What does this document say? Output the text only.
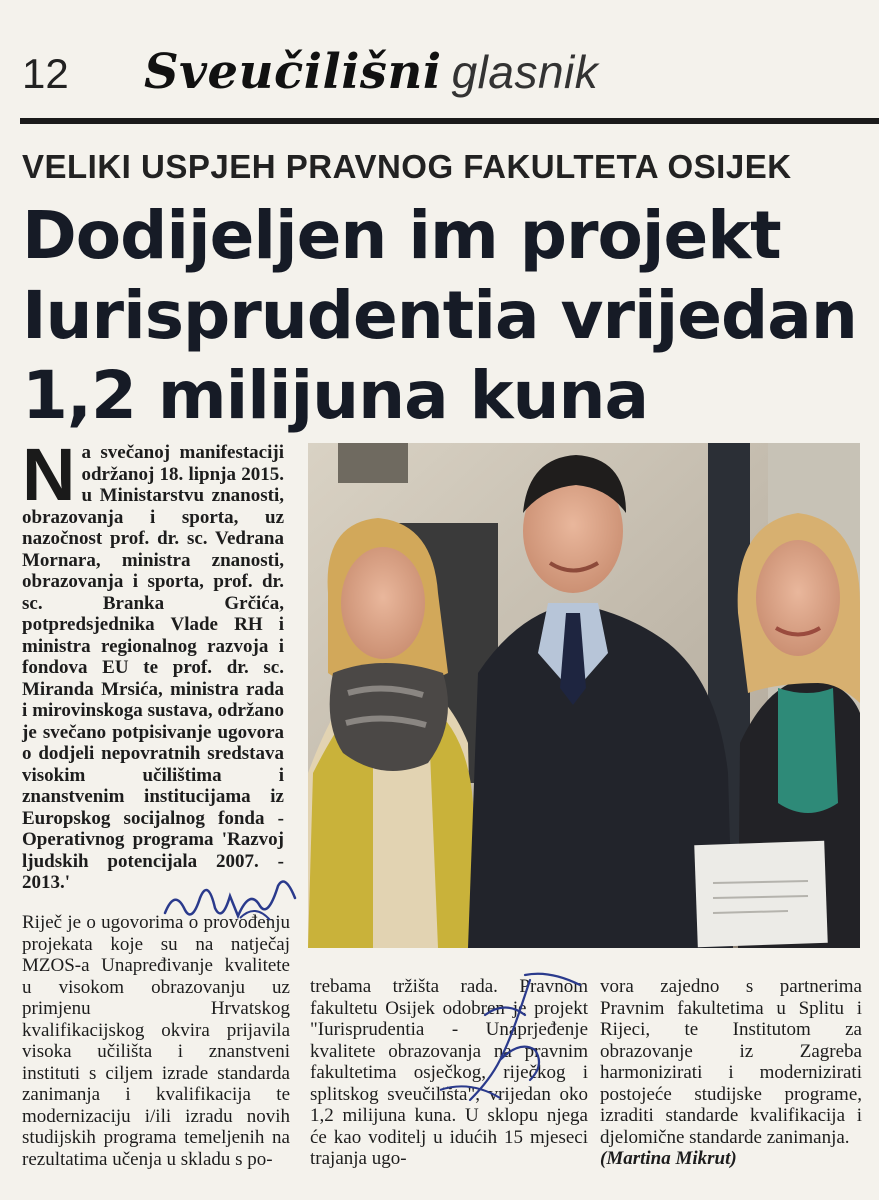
12 Sveučilišni glasnik
VELIKI USPJEH PRAVNOG FAKULTETA OSIJEK
Dodijeljen im projekt
Iurisprudentia vrijedan
1,2 milijuna kuna
Na svečanoj manifestaciji održanoj 18. lipnja 2015. u Ministarstvu znanosti, obrazovanja i sporta, uz nazočnost prof. dr. sc. Vedrana Mornara, ministra znanosti, obrazovanja i sporta, prof. dr. sc. Branka Grčića, potpredsjednika Vlade RH i ministra regionalnog razvoja i fondova EU te prof. dr. sc. Miranda Mrsića, ministra rada i mirovinskoga sustava, održano je svečano potpisivanje ugovora o dodjeli nepovratnih sredstava visokim učilištima i znanstvenim institucijama iz Europskog socijalnog fonda - Operativnog programa 'Razvoj ljudskih potencijala 2007. - 2013.'

Riječ je o ugovorima o provođenju projekata koje su na natječaj MZOS-a Unapređivanje kvalitete u visokom obrazovanju uz primjenu Hrvatskog kvalifikacijskog okvira prijavila visoka učilišta i znanstveni instituti s ciljem izrade standarda zanimanja i kvalifikacija te modernizaciju i/ili izradu novih studijskih programa temeljenih na rezultatima učenja u skladu s po-

trebama tržišta rada. Pravnom fakultetu Osijek odobren je projekt "Iurisprudentia - Unaprjeđenje kvalitete obrazovanja na pravnim fakultetima osječkog, riječkog i splitskog sveučilišta", vrijedan oko 1,2 milijuna kuna. U sklopu njega će kao voditelj u idućih 15 mjeseci trajanja ugo-

vora zajedno s partnerima Pravnim fakultetima u Splitu i Rijeci, te Institutom za obrazovanje iz Zagreba harmonizirati i modernizirati postojeće studijske programe, izraditi standarde kvalifikacija i djelomične standarde zanimanja.

(Martina Mikrut)
